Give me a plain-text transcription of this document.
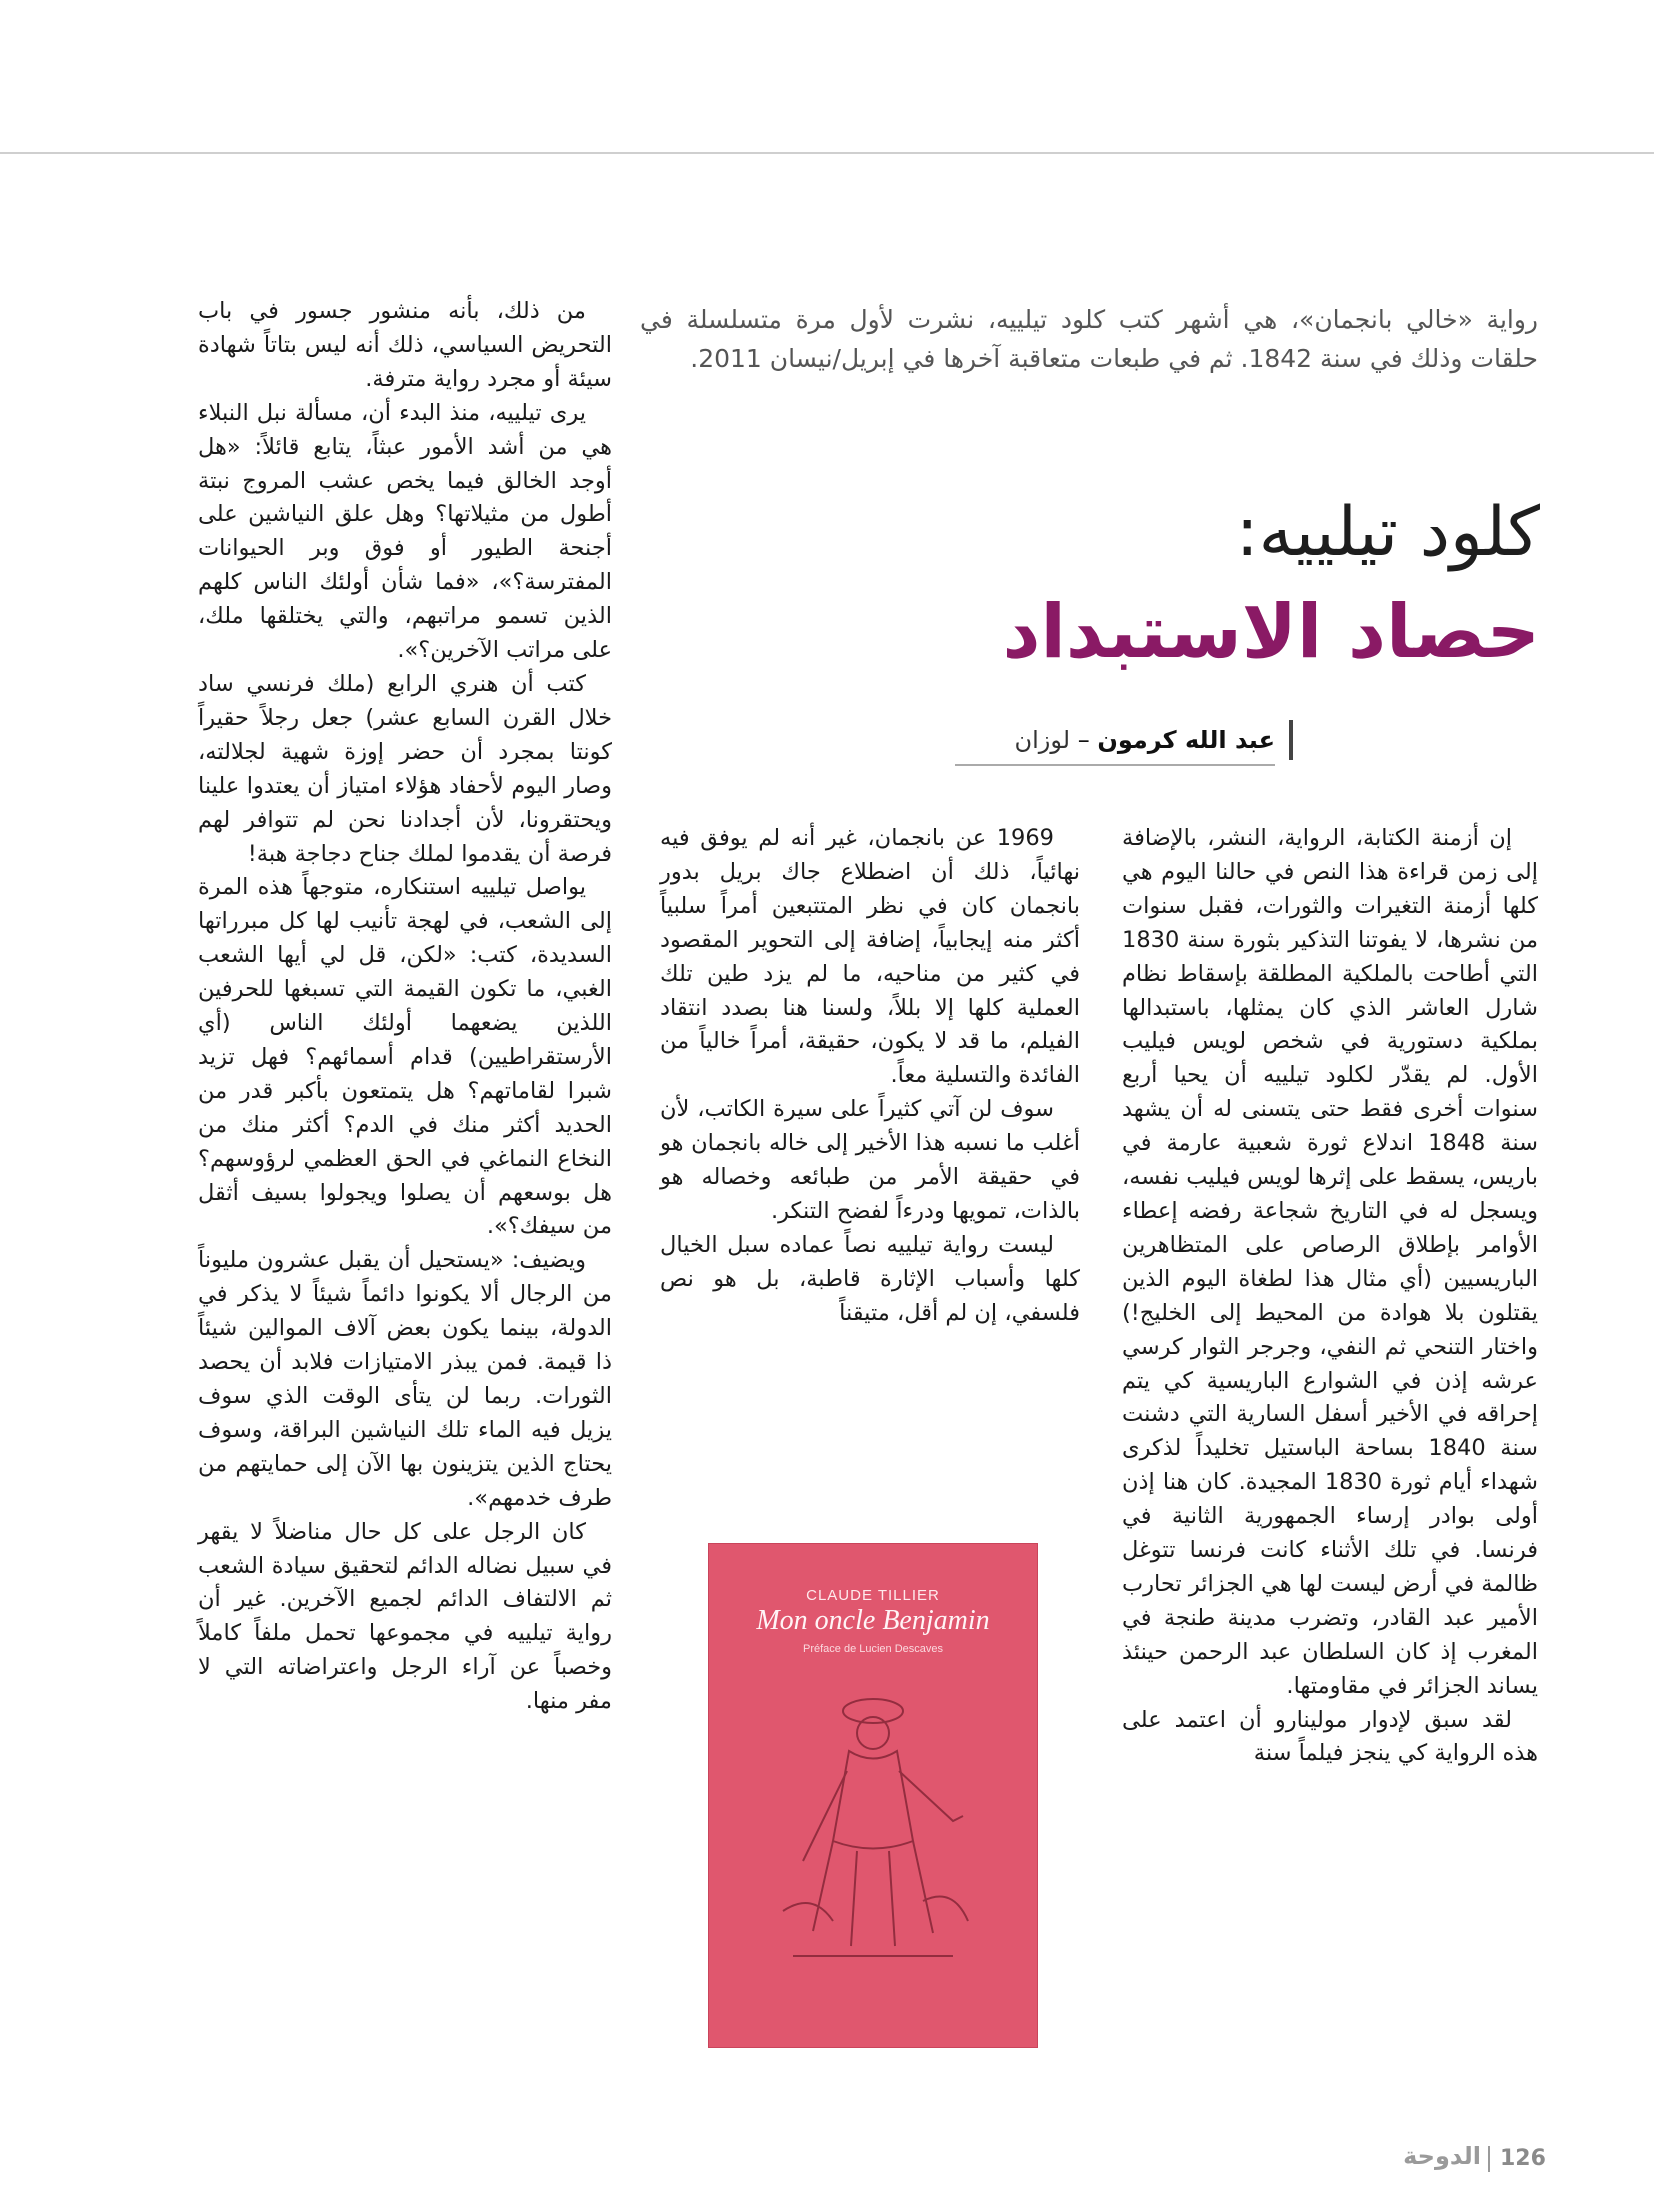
رواية «خالي بانجمان»، هي أشهر كتب كلود تيلييه، نشرت لأول مرة متسلسلة في حلقات وذلك في سنة 1842. ثم في طبعات متعاقبة آخرها في إبريل/نيسان 2011.
كلود تيلييه:
حصاد الاستبداد
عبد الله كرمون – لوزان

إن أزمنة الكتابة، الرواية، النشر، بالإضافة إلى زمن قراءة هذا النص في حالنا اليوم هي كلها أزمنة التغيرات والثورات، فقبل سنوات من نشرها، لا يفوتنا التذكير بثورة سنة 1830 التي أطاحت بالملكية المطلقة بإسقاط نظام شارل العاشر الذي كان يمثلها، باستبدالها بملكية دستورية في شخص لويس فيليب الأول. لم يقدّر لكلود تيلييه أن يحيا أربع سنوات أخرى فقط حتى يتسنى له أن يشهد سنة 1848 اندلاع ثورة شعبية عارمة في باريس، يسقط على إثرها لويس فيليب نفسه، ويسجل له في التاريخ شجاعة رفضه إعطاء الأوامر بإطلاق الرصاص على المتظاهرين الباريسيين (أي مثال هذا لطغاة اليوم الذين يقتلون بلا هوادة من المحيط إلى الخليج!) واختار التنحي ثم النفي، وجرجر الثوار كرسي عرشه إذن في الشوارع الباريسية كي يتم إحراقه في الأخير أسفل السارية التي دشنت سنة 1840 بساحة الباستيل تخليداً لذكرى شهداء أيام ثورة 1830 المجيدة. كان هنا إذن أولى بوادر إرساء الجمهورية الثانية في فرنسا. في تلك الأثناء كانت فرنسا تتوغل ظالمة في أرض ليست لها هي الجزائر تحارب الأمير عبد القادر، وتضرب مدينة طنجة في المغرب إذ كان السلطان عبد الرحمن حينئذ يساند الجزائر في مقاومتها.

لقد سبق لإدوار مولينارو أن اعتمد على هذه الرواية كي ينجز فيلماً سنة

1969 عن بانجمان، غير أنه لم يوفق فيه نهائياً، ذلك أن اضطلاع جاك بريل بدور بانجمان كان في نظر المتتبعين أمراً سلبياً أكثر منه إيجابياً، إضافة إلى التحوير المقصود في كثير من مناحيه، ما لم يزد طين تلك العملية كلها إلا بللاً، ولسنا هنا بصدد انتقاد الفيلم، ما قد لا يكون، حقيقة، أمراً خالياً من الفائدة والتسلية معاً.

سوف لن آتي كثيراً على سيرة الكاتب، لأن أغلب ما نسبه هذا الأخير إلى خاله بانجمان هو في حقيقة الأمر من طبائعه وخصاله هو بالذات، تمويها ودرءاً لفضح التنكر.

ليست رواية تيلييه نصاً عماده سبل الخيال كلها وأسباب الإثارة قاطبة، بل هو نص فلسفي، إن لم أقل، متيقناً

من ذلك، بأنه منشور جسور في باب التحريض السياسي، ذلك أنه ليس بتاتاً شهادة سيئة أو مجرد رواية مترفة.

يرى تيلييه، منذ البدء أن، مسألة نبل النبلاء هي من أشد الأمور عبثاً، يتابع قائلاً: «هل أوجد الخالق فيما يخص عشب المروج نبتة أطول من مثيلاتها؟ وهل علق النياشين على أجنحة الطيور أو فوق وبر الحيوانات المفترسة؟»، «فما شأن أولئك الناس كلهم الذين تسمو مراتبهم، والتي يختلقها ملك، على مراتب الآخرين؟».

كتب أن هنري الرابع (ملك فرنسي ساد خلال القرن السابع عشر) جعل رجلاً حقيراً كونتا بمجرد أن حضر إوزة شهية لجلالته، وصار اليوم لأحفاد هؤلاء امتياز أن يعتدوا علينا ويحتقرونا، لأن أجدادنا نحن لم تتوافر لهم فرصة أن يقدموا لملك جناح دجاجة هبة!

يواصل تيلييه استنكاره، متوجهاً هذه المرة إلى الشعب، في لهجة تأنيب لها كل مبرراتها السديدة، كتب: «لكن، قل لي أيها الشعب الغبي، ما تكون القيمة التي تسبغها للحرفين اللذين يضعهما أولئك الناس (أي الأرستقراطيين) قدام أسمائهم؟ فهل تزيد شبرا لقاماتهم؟ هل يتمتعون بأكبر قدر من الحديد أكثر منك في الدم؟ أكثر منك من النخاع النماغي في الحق العظمي لرؤوسهم؟ هل بوسعهم أن يصلوا ويجولوا بسيف أثقل من سيفك؟».

ويضيف: «يستحيل أن يقبل عشرون مليوناً من الرجال ألا يكونوا دائماً شيئاً لا يذكر في الدولة، بينما يكون بعض آلاف الموالين شيئاً ذا قيمة. فمن يبذر الامتيازات فلابد أن يحصد الثورات. ربما لن يتأى الوقت الذي سوف يزيل فيه الماء تلك النياشين البراقة، وسوف يحتاج الذين يتزينون بها الآن إلى حمايتهم من طرف خدمهم».

كان الرجل على كل حال مناضلاً لا يقهر في سبيل نضاله الدائم لتحقيق سيادة الشعب ثم الالتفاف الدائم لجميع الآخرين. غير أن رواية تيلييه في مجموعها تحمل ملفاً كاملاً وخصباً عن آراء الرجل واعتراضاته التي لا مفر منها.

CLAUDE TILLIER
Mon oncle Benjamin
Préface de Lucien Descaves
الدوحة 126
